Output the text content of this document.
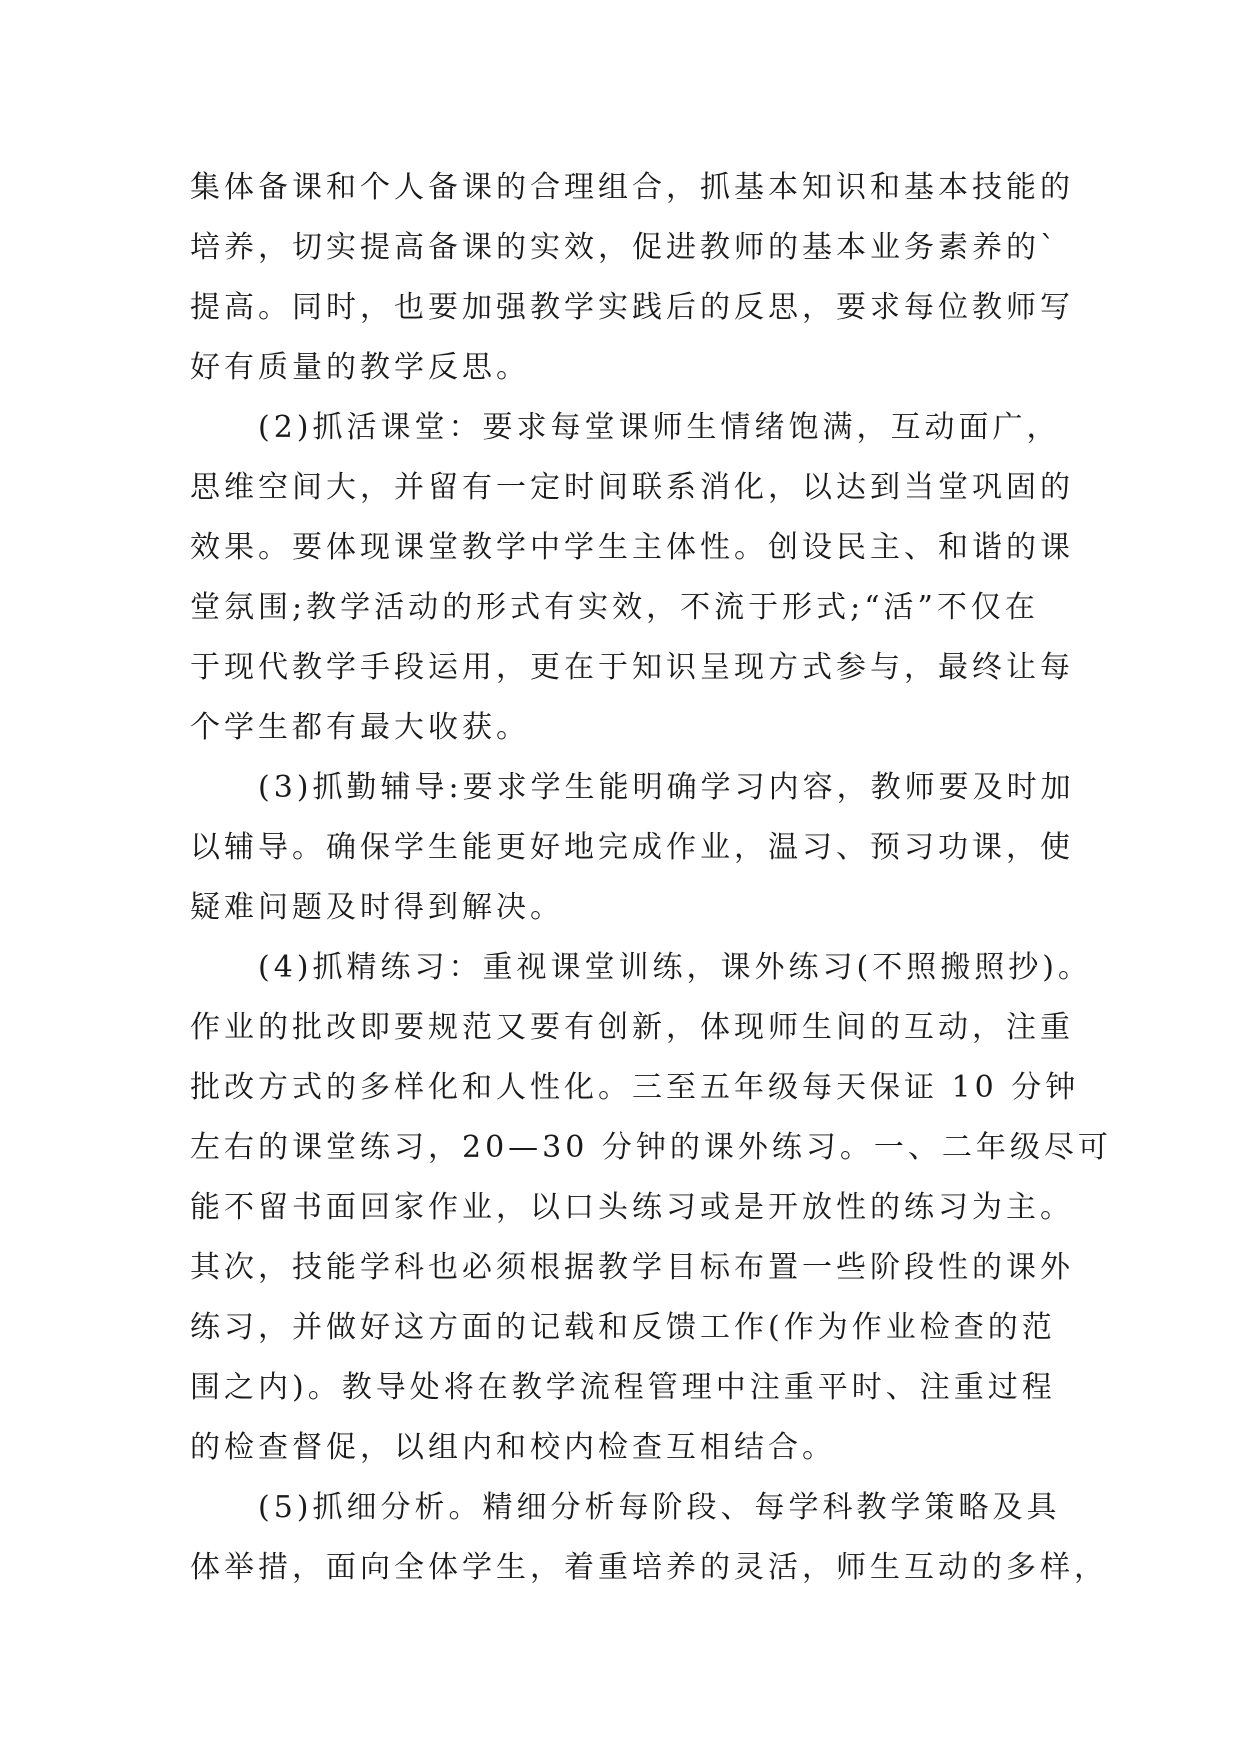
集体备课和个人备课的合理组合，抓基本知识和基本技能的
培养，切实提高备课的实效，促进教师的基本业务素养的`
提高。同时，也要加强教学实践后的反思，要求每位教师写
好有质量的教学反思。
(2)抓活课堂：要求每堂课师生情绪饱满，互动面广，
思维空间大，并留有一定时间联系消化，以达到当堂巩固的
效果。要体现课堂教学中学生主体性。创设民主、和谐的课
堂氛围;教学活动的形式有实效，不流于形式;“活”不仅在
于现代教学手段运用，更在于知识呈现方式参与，最终让每
个学生都有最大收获。
(3)抓勤辅导:要求学生能明确学习内容，教师要及时加
以辅导。确保学生能更好地完成作业，温习、预习功课，使
疑难问题及时得到解决。
(4)抓精练习：重视课堂训练，课外练习(不照搬照抄)。
作业的批改即要规范又要有创新，体现师生间的互动，注重
批改方式的多样化和人性化。三至五年级每天保证 10 分钟
左右的课堂练习，20—30 分钟的课外练习。一、二年级尽可
能不留书面回家作业，以口头练习或是开放性的练习为主。
其次，技能学科也必须根据教学目标布置一些阶段性的课外
练习，并做好这方面的记载和反馈工作(作为作业检查的范
围之内)。教导处将在教学流程管理中注重平时、注重过程
的检查督促，以组内和校内检查互相结合。
(5)抓细分析。精细分析每阶段、每学科教学策略及具
体举措，面向全体学生，着重培养的灵活，师生互动的多样，
